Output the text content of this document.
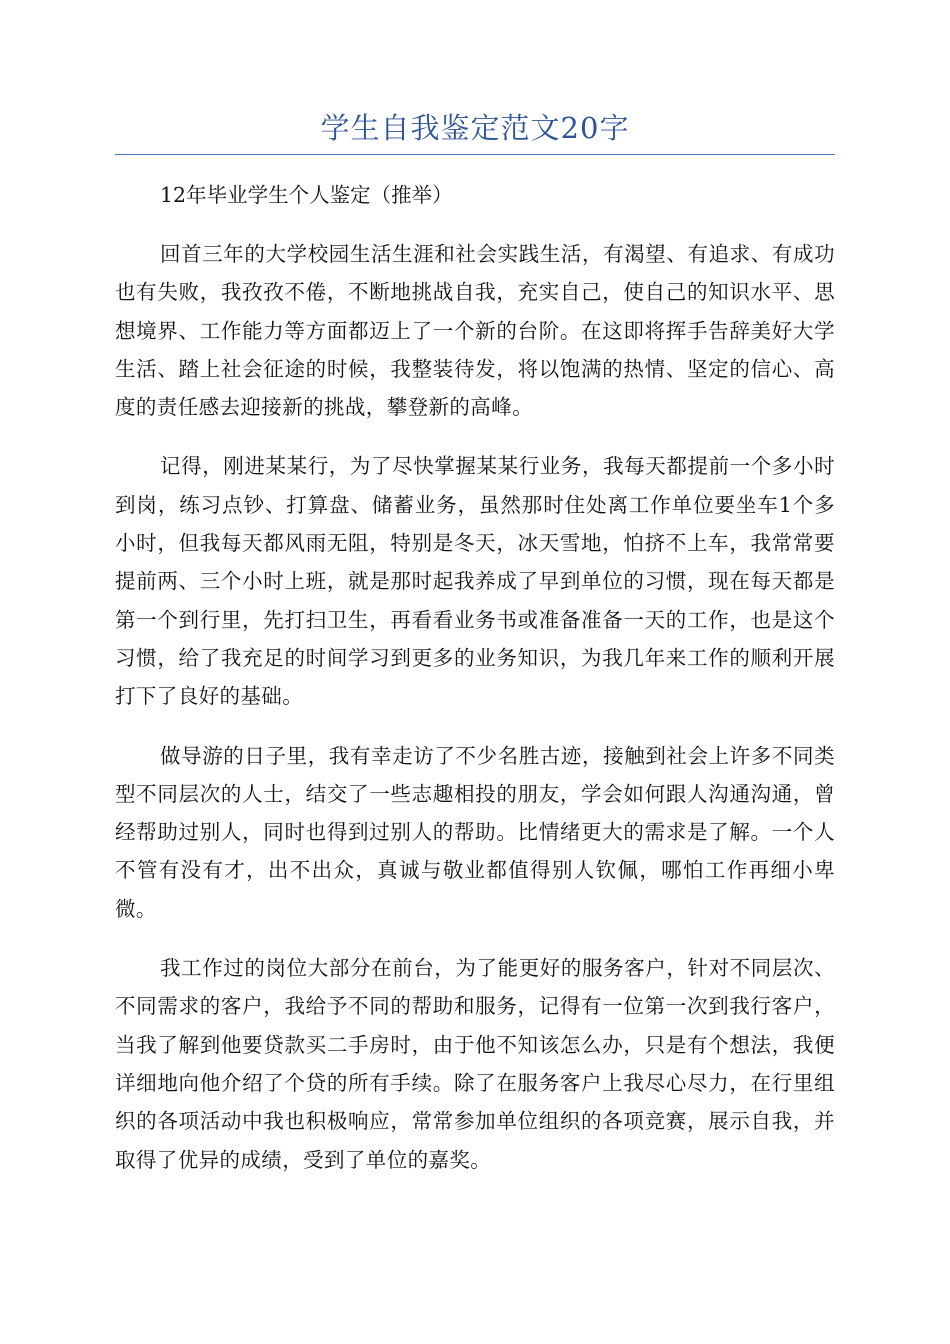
学生自我鉴定范文20字

12年毕业学生个人鉴定（推举）

回首三年的大学校园生活生涯和社会实践生活，有渴望、有追求、有成功也有失败，我孜孜不倦，不断地挑战自我，充实自己，使自己的知识水平、思想境界、工作能力等方面都迈上了一个新的台阶。在这即将挥手告辞美好大学生活、踏上社会征途的时候，我整装待发，将以饱满的热情、坚定的信心、高度的责任感去迎接新的挑战，攀登新的高峰。

记得，刚进某某行，为了尽快掌握某某行业务，我每天都提前一个多小时到岗，练习点钞、打算盘、储蓄业务，虽然那时住处离工作单位要坐车1个多小时，但我每天都风雨无阻，特别是冬天，冰天雪地，怕挤不上车，我常常要提前两、三个小时上班，就是那时起我养成了早到单位的习惯，现在每天都是第一个到行里，先打扫卫生，再看看业务书或准备准备一天的工作，也是这个习惯，给了我充足的时间学习到更多的业务知识，为我几年来工作的顺利开展打下了良好的基础。

做导游的日子里，我有幸走访了不少名胜古迹，接触到社会上许多不同类型不同层次的人士，结交了一些志趣相投的朋友，学会如何跟人沟通沟通，曾经帮助过别人，同时也得到过别人的帮助。比情绪更大的需求是了解。一个人不管有没有才，出不出众，真诚与敬业都值得别人钦佩，哪怕工作再细小卑微。

我工作过的岗位大部分在前台，为了能更好的服务客户，针对不同层次、不同需求的客户，我给予不同的帮助和服务，记得有一位第一次到我行客户，当我了解到他要贷款买二手房时，由于他不知该怎么办，只是有个想法，我便详细地向他介绍了个贷的所有手续。除了在服务客户上我尽心尽力，在行里组织的各项活动中我也积极响应，常常参加单位组织的各项竞赛，展示自我，并取得了优异的成绩，受到了单位的嘉奖。
